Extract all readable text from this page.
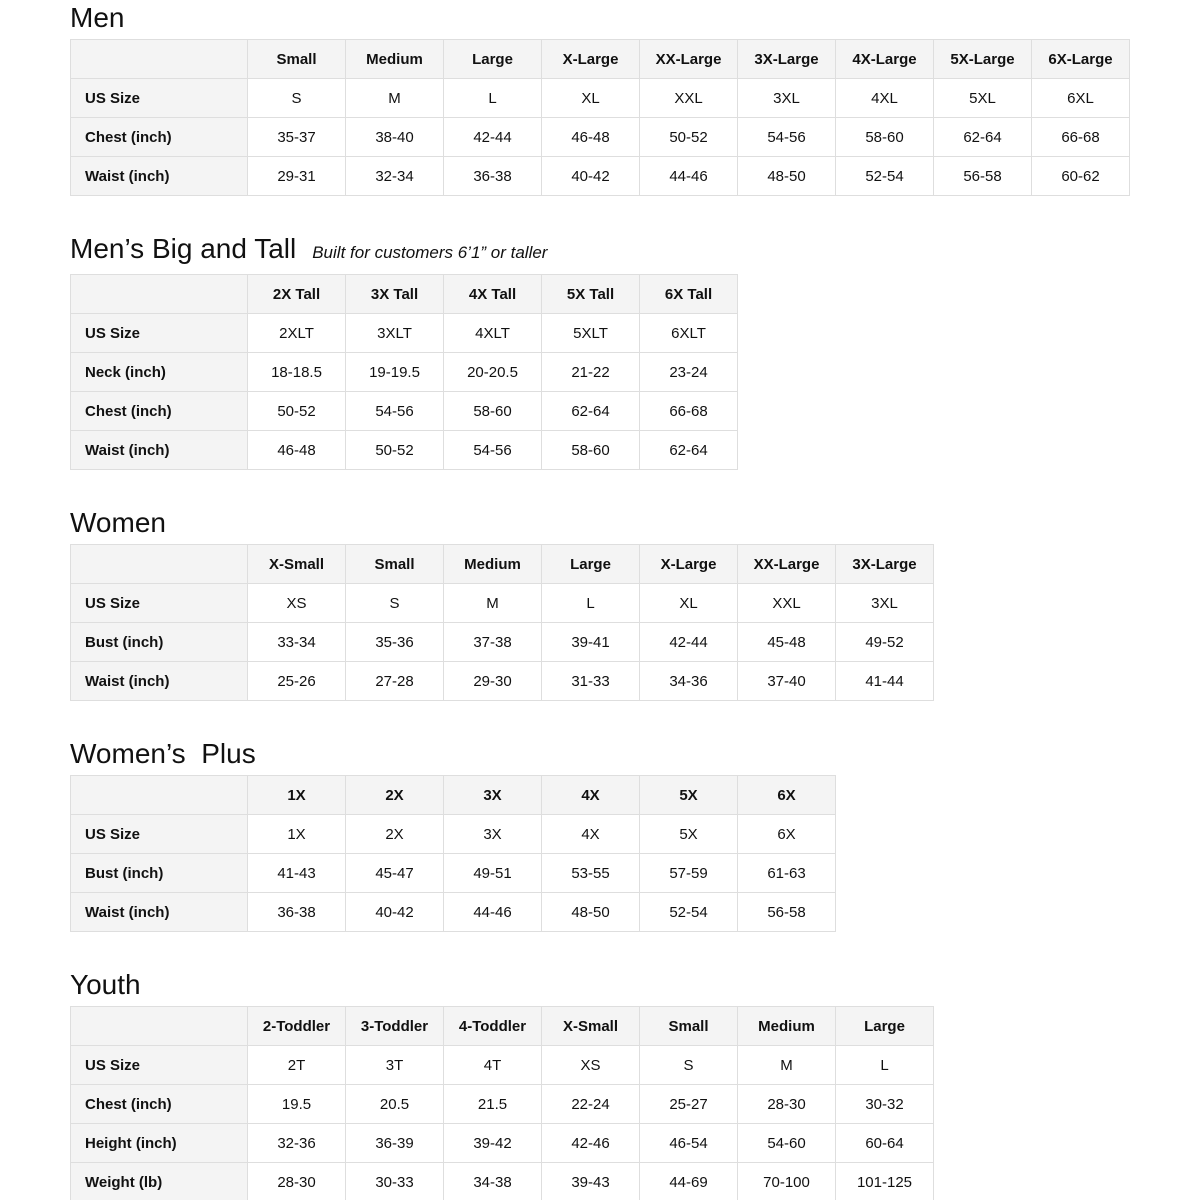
Men
	Small	Medium	Large	X-Large	XX-Large	3X-Large	4X-Large	5X-Large	6X-Large
US Size	S	M	L	XL	XXL	3XL	4XL	5XL	6XL
Chest (inch)	35-37	38-40	42-44	46-48	50-52	54-56	58-60	62-64	66-68
Waist (inch)	29-31	32-34	36-38	40-42	44-46	48-50	52-54	56-58	60-62
Men’s Big and Tall Built for customers 6’1” or taller
	2X Tall	3X Tall	4X Tall	5X Tall	6X Tall
US Size	2XLT	3XLT	4XLT	5XLT	6XLT
Neck (inch)	18-18.5	19-19.5	20-20.5	21-22	23-24
Chest (inch)	50-52	54-56	58-60	62-64	66-68
Waist (inch)	46-48	50-52	54-56	58-60	62-64
Women
	X-Small	Small	Medium	Large	X-Large	XX-Large	3X-Large
US Size	XS	S	M	L	XL	XXL	3XL
Bust (inch)	33-34	35-36	37-38	39-41	42-44	45-48	49-52
Waist (inch)	25-26	27-28	29-30	31-33	34-36	37-40	41-44
Women’s  Plus
	1X	2X	3X	4X	5X	6X
US Size	1X	2X	3X	4X	5X	6X
Bust (inch)	41-43	45-47	49-51	53-55	57-59	61-63
Waist (inch)	36-38	40-42	44-46	48-50	52-54	56-58
Youth
	2-Toddler	3-Toddler	4-Toddler	X-Small	Small	Medium	Large
US Size	2T	3T	4T	XS	S	M	L
Chest (inch)	19.5	20.5	21.5	22-24	25-27	28-30	30-32
Height (inch)	32-36	36-39	39-42	42-46	46-54	54-60	60-64
Weight (lb)	28-30	30-33	34-38	39-43	44-69	70-100	101-125
